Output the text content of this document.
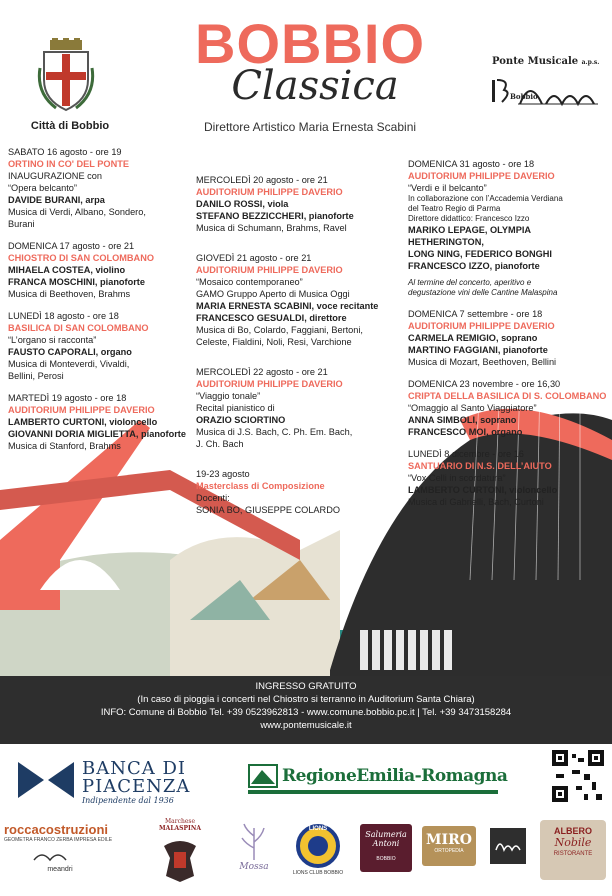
Città di Bobbio
BOBBIO
Classica
Direttore Artistico Maria Ernesta Scabini
Ponte Musicale a.p.s.
Bobbio
SABATO 16 agosto - ore 19
ORTINO IN CO' DEL PONTE
INAUGURAZIONE con
“Opera belcanto”
DAVIDE BURANI, arpa
Musica di Verdi, Albano, Sondero,
Burani
DOMENICA 17 agosto - ore 21
CHIOSTRO DI SAN COLOMBANO
MIHAELA COSTEA, violino
FRANCA MOSCHINI, pianoforte
Musica di Beethoven, Brahms
LUNEDÌ 18 agosto - ore 18
BASILICA DI SAN COLOMBANO
“L’organo si racconta”
FAUSTO CAPORALI, organo
Musica di Monteverdi, Vivaldi,
Bellini, Perosi
MARTEDÌ 19 agosto - ore 18
AUDITORIUM PHILIPPE DAVERIO
LAMBERTO CURTONI, violoncello
GIOVANNI DORIA MIGLIETTA, pianoforte
Musica di Stanford, Brahms
MERCOLEDÌ 20 agosto - ore 21
AUDITORIUM PHILIPPE DAVERIO
DANILO ROSSI, viola
STEFANO BEZZICCHERI, pianoforte
Musica di Schumann, Brahms, Ravel
GIOVEDÌ 21 agosto - ore 21
AUDITORIUM PHILIPPE DAVERIO
“Mosaico contemporaneo”
GAMO Gruppo Aperto di Musica Oggi
MARIA ERNESTA SCABINI, voce recitante
FRANCESCO GESUALDI, direttore
Musica di Bo, Colardo, Faggiani, Bertoni,
Celeste, Fialdini, Noli, Resi, Varchione
MERCOLEDÌ 22 agosto - ore 21
AUDITORIUM PHILIPPE DAVERIO
“Viaggio tonale”
Recital pianistico di
ORAZIO SCIORTINO
Musica di J.S. Bach, C. Ph. Em. Bach,
J. Ch. Bach
19-23 agosto
Masterclass di Composizione
Docenti:
SONIA BO, GIUSEPPE COLARDO
DOMENICA 31 agosto - ore 18
AUDITORIUM PHILIPPE DAVERIO
“Verdi e il belcanto”
In collaborazione con l’Accademia Verdiana
del Teatro Regio di Parma
Direttore didattico: Francesco Izzo
MARIKO LEPAGE, OLYMPIA HETHERINGTON,
LONG NING, FEDERICO BONGHI
FRANCESCO IZZO, pianoforte
Al termine del concerto, aperitivo e
degustazione vini delle Cantine Malaspina
DOMENICA 7 settembre - ore 18
AUDITORIUM PHILIPPE DAVERIO
CARMELA REMIGIO, soprano
MARTINO FAGGIANI, pianoforte
Musica di Mozart, Beethoven, Bellini
DOMENICA 23 novembre - ore 16,30
CRIPTA DELLA BASILICA DI S. COLOMBANO
“Omaggio al Santo Viaggiatore”
ANNA SIMBOLI, soprano
FRANCESCO MOI, organo
LUNEDÌ 8 dicembre - ore 16
SANTUARIO DI N.S. DELL’AIUTO
“Vox Celli in scordatura”
LAMBERTO CURTONI, violoncello
Musica di Gabrielli, Bach, Curtoni
INGRESSO GRATUITO
(In caso di pioggia i concerti nel Chiostro si terranno in Auditorium Santa Chiara)
INFO: Comune di Bobbio Tel. +39 0523962813 - www.comune.bobbio.pc.it | Tel. +39 3473158284
www.pontemusicale.it
BANCA DI
PIACENZA
Indipendente dal 1936
RegioneEmilia-Romagna
roccacostruzioni
GEOMETRA FRANCO ZERBA IMPRESA EDILE
meandri
Marchese
MALASPINA
Mossa
LIONS
LIONS CLUB BOBBIO
Salumeria
Antoni
BOBBIO
MIRO
ORTOPEDIA
ALBERO
Nobile
RISTORANTE
